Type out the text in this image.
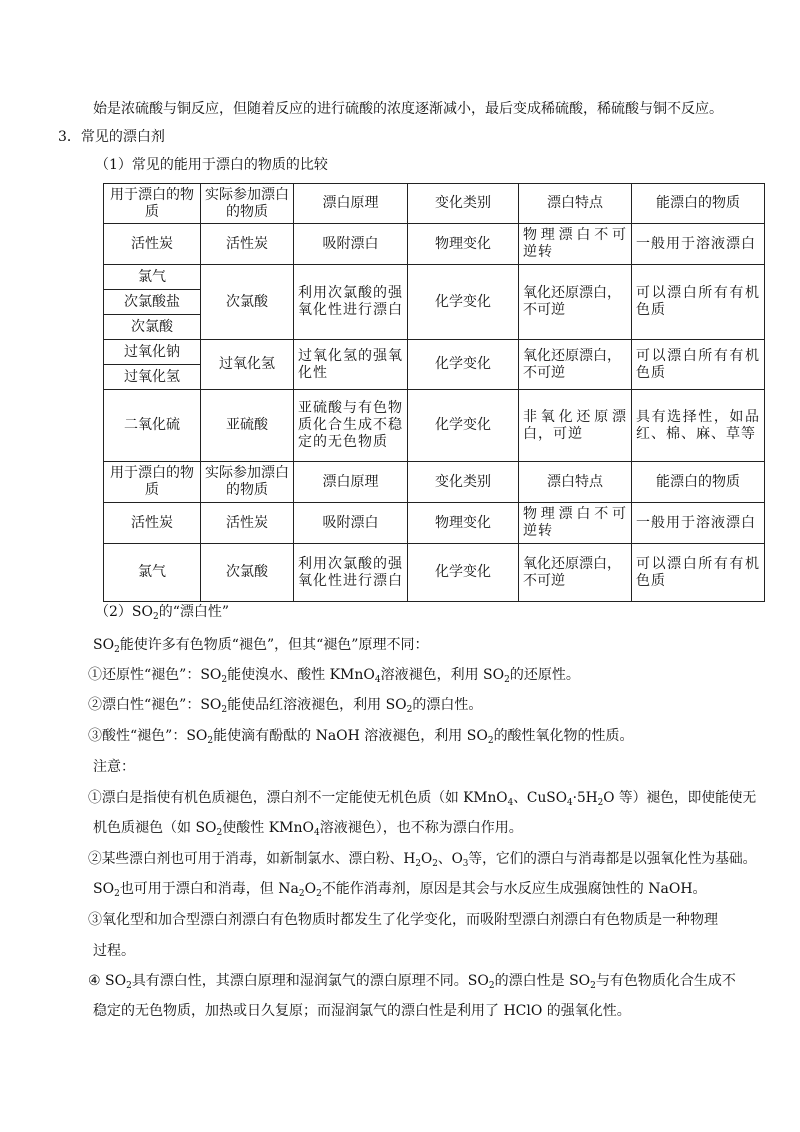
始是浓硫酸与铜反应，但随着反应的进行硫酸的浓度逐渐减小，最后变成稀硫酸，稀硫酸与铜不反应。
3．常见的漂白剂
（1）常见的能用于漂白的物质的比较
用于漂白的物质	实际参加漂白的物质	漂白原理	变化类别	漂白特点	能漂白的物质
活性炭	活性炭	吸附漂白	物理变化	物理漂白不可逆转	一般用于溶液漂白
氯气	次氯酸	利用次氯酸的强氧化性进行漂白	化学变化	氧化还原漂白，不可逆	可以漂白所有有机色质
次氯酸盐					
次氯酸					
过氧化钠	过氧化氢	过氧化氢的强氧化性	化学变化	氧化还原漂白，不可逆	可以漂白所有有机色质
过氧化氢					
二氧化硫	亚硫酸	亚硫酸与有色物质化合生成不稳定的无色物质	化学变化	非氧化还原漂白，可逆	具有选择性，如品红、棉、麻、草等
用于漂白的物质	实际参加漂白的物质	漂白原理	变化类别	漂白特点	能漂白的物质
活性炭	活性炭	吸附漂白	物理变化	物理漂白不可逆转	一般用于溶液漂白
氯气	次氯酸	利用次氯酸的强氧化性进行漂白	化学变化	氧化还原漂白，不可逆	可以漂白所有有机色质
$(2)SO_2$的“漂白性”
$SO_2$能使许多有色物质“褪色”，但其“褪色”原理不同：
①还原性“褪色”：$SO_2$能使溴水、酸性 KMnO$_4$溶液褪色，利用 $SO_2$的还原性。
②漂白性“褪色”：$SO_2$能使品红溶液褪色，利用 $SO_2$的漂白性。
③酸性“褪色”：$SO_2$能使滴有酚酞的 NaOH 溶液褪色，利用 $SO_2$的酸性氧化物的性质。
注意：
①漂白是指使有机色质褪色，漂白剂不一定能使无机色质（如 KMnO$_4$、$CuSO_4\cdot 5H_2O$ 等）褪色，即使能使无
机色质褪色（如 $SO_2$使酸性 KMnO$_4$溶液褪色），也不称为漂白作用。
②某些漂白剂也可用于消毒，如新制氯水、漂白粉、$H_2O_2$、$O_3$等，它们的漂白与消毒都是以强氧化性为基础。
$SO_2$也可用于漂白和消毒，但 $Na_2O_2$不能作消毒剂，原因是其会与水反应生成强腐蚀性的 NaOH。
③氧化型和加合型漂白剂漂白有色物质时都发生了化学变化，而吸附型漂白剂漂白有色物质是一种物理
过程。
④ $SO_2$具有漂白性，其漂白原理和湿润氯气的漂白原理不同。$SO_2$的漂白性是 $SO_2$与有色物质化合生成不
稳定的无色物质，加热或日久复原；而湿润氯气的漂白性是利用了 HClO 的强氧化性。
